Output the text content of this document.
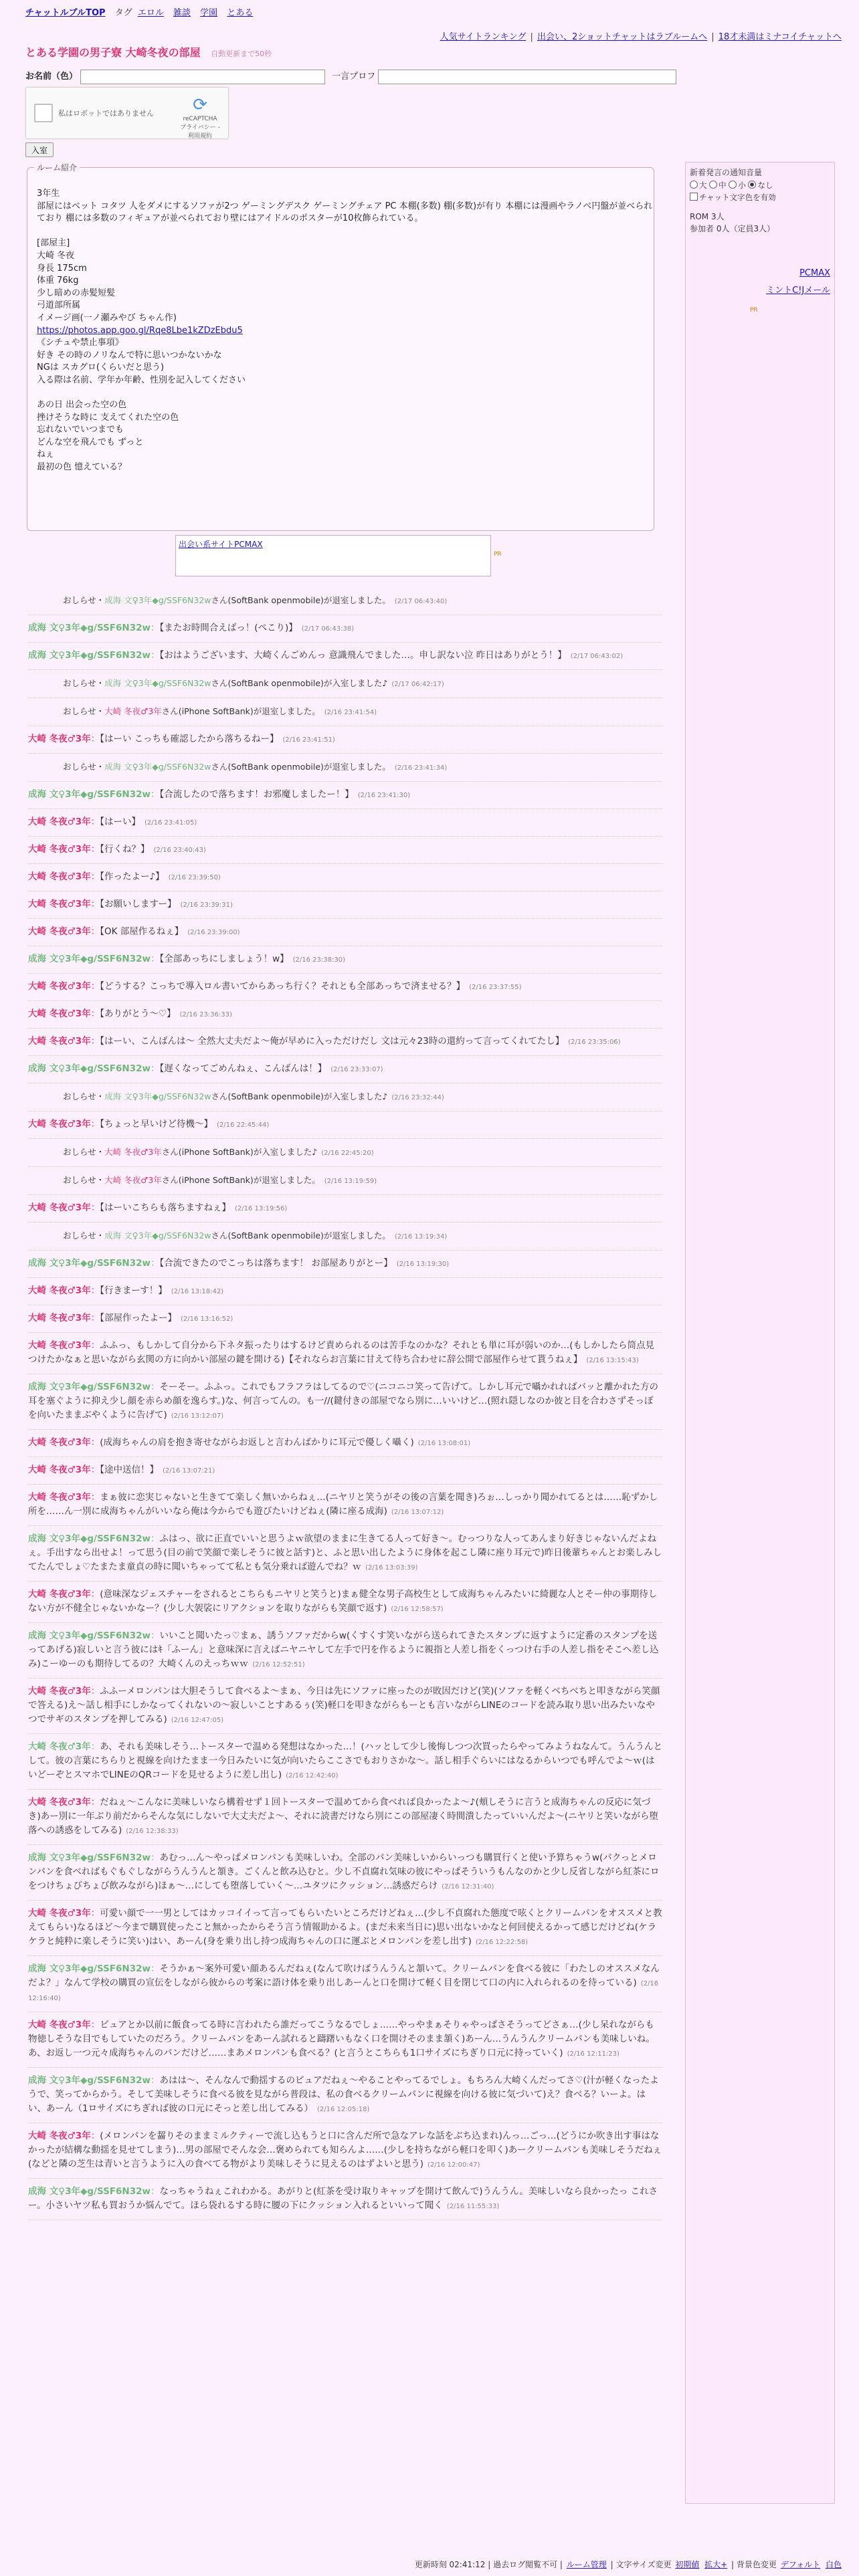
チャットルブルTOP タグ エロル 雑談 学園 とある
人気サイトランキング | 出会い、2ショットチャットはラブルームへ | 18才未満はミナコイチャットへ
とある学園の男子寮 大崎冬夜の部屋 自動更新まで50秒
お名前（色）	一言プロフ
私はロボットではありません	⟳
reCAPTCHA
プライバシー - 利用規約
入室
ルーム紹介
3年生
部屋にはベット コタツ 人をダメにするソファが2つ ゲーミングデスク ゲーミングチェア PC 本棚(多数) 棚(多数)が有り 本棚には漫画やラノベ円盤が並べられており 棚には多数のフィギュアが並べられており壁にはアイドルのポスターが10枚飾られている。

[部屋主]
大崎 冬夜
身長 175cm
体重 76kg
少し暗めの赤髪短髪
弓道部所属
イメージ画(一ノ瀬みやび ちゃん作)
https://photos.app.goo.gl/Rqe8Lbe1kZDzEbdu5
《シチュや禁止事項》
好き その時のノリなんで特に思いつかないかな
NGは スカグロ(くらいだと思う)
入る際は名前、学年か年齢、性別を記入してください

あの日 出会った空の色
挫けそうな時に 支えてくれた空の色
忘れないでいつまでも
どんな空を飛んでも ずっと
ねぇ
最初の色 憶えている？
出会い系サイトPCMAX
PR
新着発言の通知音量
大 中 小 なし
チャット文字色を有効
ROM 3人
参加者 0人（定員3人）
PCMAX
ミントC!Jメール
PR
おしらせ・成海 文♀3年◆g/SSF6N32wさん(SoftBank openmobile)が退室しました。 (2/17 06:43:40)
成海 文♀3年◆g/SSF6N32w：【またお時間合えばっ！(ペこり)】 (2/17 06:43:38)
成海 文♀3年◆g/SSF6N32w：【おはようございます、大崎くんごめんっ 意識飛んでました…。申し訳ない泣 昨日はありがとう！】 (2/17 06:43:02)
おしらせ・成海 文♀3年◆g/SSF6N32wさん(SoftBank openmobile)が入室しました♪ (2/17 06:42:17)
おしらせ・大崎 冬夜♂3年さん(iPhone SoftBank)が退室しました。 (2/16 23:41:54)
大崎 冬夜♂3年：【はーい こっちも確認したから落ちるねー】 (2/16 23:41:51)
おしらせ・成海 文♀3年◆g/SSF6N32wさん(SoftBank openmobile)が退室しました。 (2/16 23:41:34)
成海 文♀3年◆g/SSF6N32w：【合流したので落ちます！お邪魔しましたー！】 (2/16 23:41:30)
大崎 冬夜♂3年：【はーい】 (2/16 23:41:05)
大崎 冬夜♂3年：【行くね？】 (2/16 23:40:43)
大崎 冬夜♂3年：【作ったよー♪】 (2/16 23:39:50)
大崎 冬夜♂3年：【お願いしますー】 (2/16 23:39:31)
大崎 冬夜♂3年：【OK 部屋作るねぇ】 (2/16 23:39:00)
成海 文♀3年◆g/SSF6N32w：【全部あっちにしましょう！w】 (2/16 23:38:30)
大崎 冬夜♂3年：【どうする？こっちで導入ロル書いてからあっち行く？それとも全部あっちで済ませる？】 (2/16 23:37:55)
大崎 冬夜♂3年：【ありがとう〜♡】 (2/16 23:36:33)
大崎 冬夜♂3年：【はーい、こんばんは〜 全然大丈夫だよ〜俺が早めに入っただけだし 文は元々23時の還約って言ってくれてたし】 (2/16 23:35:06)
成海 文♀3年◆g/SSF6N32w：【遅くなってごめんねぇ、こんばんは！】 (2/16 23:33:07)
おしらせ・成海 文♀3年◆g/SSF6N32wさん(SoftBank openmobile)が入室しました♪ (2/16 23:32:44)
大崎 冬夜♂3年：【ちょっと早いけど待機〜】 (2/16 22:45:44)
おしらせ・大崎 冬夜♂3年さん(iPhone SoftBank)が入室しました♪ (2/16 22:45:20)
おしらせ・大崎 冬夜♂3年さん(iPhone SoftBank)が退室しました。 (2/16 13:19:59)
大崎 冬夜♂3年：【はーいこちらも落ちますねぇ】 (2/16 13:19:56)
おしらせ・成海 文♀3年◆g/SSF6N32wさん(SoftBank openmobile)が退室しました。 (2/16 13:19:34)
成海 文♀3年◆g/SSF6N32w：【合流できたのでこっちは落ちます！ お部屋ありがとー】 (2/16 13:19:30)
大崎 冬夜♂3年：【行きまーす！】 (2/16 13:18:42)
大崎 冬夜♂3年：【部屋作ったよー】 (2/16 13:16:52)
大崎 冬夜♂3年：ふふっ、もしかして自分から下ネタ振ったりはするけど責められるのは苦手なのかな？それとも単に耳が弱いのか…(もしかしたら筒点見つけたかなぁと思いながら玄関の方に向かい部屋の鍵を開ける)【それならお言葉に甘えて待ち合わせに辞公開で部屋作らせて貰うねぇ】 (2/16 13:15:43)
成海 文♀3年◆g/SSF6N32w：そーそー。ふふっ。これでもフラフラはしてるので♡(ニコニコ笑って告げて。しかし耳元で囁かれればバッと離かれた方の耳を塞ぐように抑え少し顔を赤らめ顔を逸らす。)な、何言ってんの。も一//(鍵付きの部屋でなら別に…いいけど…(照れ隠しなのか彼と目を合わさずそっぽを向いたままぶやくように告げて) (2/16 13:12:07)
大崎 冬夜♂3年：(成海ちゃんの肩を抱き寄せながらお返しと言わんばかりに耳元で優しく囁く) (2/16 13:08:01)
大崎 冬夜♂3年：【途中送信！】 (2/16 13:07:21)
大崎 冬夜♂3年：まぁ彼に恋実じゃないと生きてて楽しく無いからねぇ…(ニヤリと笑うがその後の言葉を聞き)ろぉ…しっかり聞かれてるとは……恥ずかし所を……ん一別に成海ちゃんがいいなら俺は今からでも遊びたいけどねぇ(隣に座る成海) (2/16 13:07:12)
成海 文♀3年◆g/SSF6N32w：ふはっ、欲に正直でいいと思うよｗ欲望のままに生きてる人って好き〜。むっつりな人ってあんまり好きじゃないんだよねぇ。手出すなら出せよ！って思う(目の前で笑顔で楽しそうに彼と話す)と、ふと思い出したように身体を起こし隣に座り耳元で)昨日後輩ちゃんとお楽しみしてたんでしょ♡たまたま童貞の時に聞いちゃってて私とも気分乗れば遊んでね？ｗ (2/16 13:03:39)
大崎 冬夜♂3年：(意味深なジェスチャーをされるとこちらもニヤリと笑うと)まぁ健全な男子高校生として成海ちゃんみたいに綺麗な人とそー仲の事期待しない方が不健全じゃないかなー？(少し大袈裟にリアクションを取りながらも笑顔で返す) (2/16 12:58:57)
成海 文♀3年◆g/SSF6N32w：いいこと聞いたっ♡まぁ、誘うソファだからw(くすくす笑いながら送られてきたスタンプに返すように定番のスタンプを送ってあげる)寂しいと言う彼にはｷ「ふーん」と意味深に言えばニヤニヤして左手で円を作るように親指と人差し指をくっつけ右手の人差し指をそこへ差し込み)こーゆーのも期待してるの？大崎くんのえっちｗｗ (2/16 12:52:51)
大崎 冬夜♂3年：ふふーメロンパンは大胆そうして食べるよ〜まぁ、今日は先にソファに座ったのが敗因だけど(笑)(ソファを軽くベちべちと叩きながら笑顔で答える)え〜話し相手にしかなってくれないの〜寂しいことすあるぅ(笑)軽口を叩きながらもーとも言いながらLINEのコードを読み取り思い出みたいなやつでサギのスタンプを押してみる) (2/16 12:47:05)
大崎 冬夜♂3年：あ、それも美味しそう…トースターで温める発想はなかった…！(ハッとして少し後悔しつつ次買ったらやってみようねなんて。うんうんとして。彼の言葉にちらりと視線を向けたまま一今日みたいに気が向いたらここさでもおりさかな〜。話し相手ぐらいにはなるからいつでも呼んでよ〜ｗ(はいどーぞとスマホでLINEのQRコードを見せるように差し出し) (2/16 12:42:40)
大崎 冬夜♂3年：だねぇ〜こんなに美味しいなら構着せず１回トースターで温めてから食べれば良かったよ〜♪(頬しそうに言うと成海ちゃんの反応に気づき)あー別に一年ぶり前だからそんな気にしないで大丈夫だよ〜、それに読書だけなら別にこの部屋凄く時間潰したっていいんだよ〜(ニヤリと笑いながら堕落への誘惑をしてみる) (2/16 12:38:33)
成海 文♀3年◆g/SSF6N32w：あむっ…ん〜やっぱメロンパンも美味しいわ。全部のパン美味しいからいっつも購買行くと使い予算ちゃうw(パクっとメロンパンを食べればもぐもぐしながらうんうんと頷き。ごくんと飲み込むと。少し不貞腐れ気味の彼にやっぱそういうもんなのかと少し反省しながら紅茶にロをつけちょびちょび飲みながら)ほぁ〜…にしても堕落していく〜…ユタツにクッション…誘惑だらけ (2/16 12:31:40)
大崎 冬夜♂3年：可愛い顔で一一男としてはカッコイイって言ってもらいたいところだけどねぇ…(少し不貞腐れた態度で呟くとクリームパンをオススメと教えてもらい)なるほど〜今まで購買使ったこと無かったからそう言う情報助かるよ。(まだ未来当日に)思い出ないかなと何回使えるかって感じだけどね(ケラケラと純粋に楽しそうに笑い)はい、あーん(身を乗り出し持つ成海ちゃんの口に運ぶとメロンパンを差し出す) (2/16 12:22:58)
成海 文♀3年◆g/SSF6N32w：そうかぁ〜案外可愛い顔あるんだねぇ(なんて吹けばうんうんと頷いて。クリームパンを食べる彼に「わたしのオススメなんだよ？」なんて学校の購買の宣伝をしながら彼からの考案に語け体を乗り出しあーんと口を開けて軽く目を閉じて口の内に入れられるのを待っている) (2/16 12:16:40)
大崎 冬夜♂3年：ピュアとか以前に飯食ってる時に言われたら誰だってこうなるでしょ……やっやまぁそりゃやっぱさそうってどさぁ…(少し呆れながらも物徳しそうな目でもしていたのだろう。クリームパンをあーん試れると躊躇いもなく口を開けそのまま頷く)あーん…うんうんクリームパンも美味しいね。あ、お返し一つ元々成海ちゃんのパンだけど……まあメロンパンも食べる？(と言うとこちらも1口サイズにちぎり口元に持っていく) (2/16 12:11:23)
成海 文♀3年◆g/SSF6N32w：あはは〜、そんなんで動揺するのピュアだねぇ〜やることやってるでしょ。もちろん大崎くんだってさ♡(汁が軽くなったようで、笑ってからかう。そして美味しそうに食べる彼を見ながら普段は、私の食べるクリームパンに視線を向ける彼に気づいて)え？食べる？いーよ。はい、あーん（1ロサイズにちぎれば彼の口元にそっと差し出してみる） (2/16 12:05:18)
大崎 冬夜♂3年：(メロンパンを齧りそのままミルクティーで流し込もうと口に含んだ所で急なアレな話をぶち込まれ)んっ…ごっ…(どうにか吹き出す事はなかったが結構な動揺を見せてしまう)…男の部屋でそんな会…褒められても知らんよ……(少しを持ちながら軽口を叩く)あークリームパンも美味しそうだねぇ(などと隣の芝生は青いと言うように入の食べてる物がより美味しそうに見えるのはずよいと思う) (2/16 12:00:47)
成海 文♀3年◆g/SSF6N32w：なっちゃうねぇこれわかる。あがりと(紅茶を受け取りキャップを開けて飲んで)うんうん。美味しいなら良かったっ これさー。小さいヤツ私も買おうか悩んでて。ほら袋れるする時に腰の下にクッション入れるといいって聞く (2/16 11:55:33)
更新時刻 02:41:12 | 過去ログ閲覧不可 | ルーム管理 | 文字サイズ変更 初期値 拡大+ | 背景色変更 デフォルト 白色
